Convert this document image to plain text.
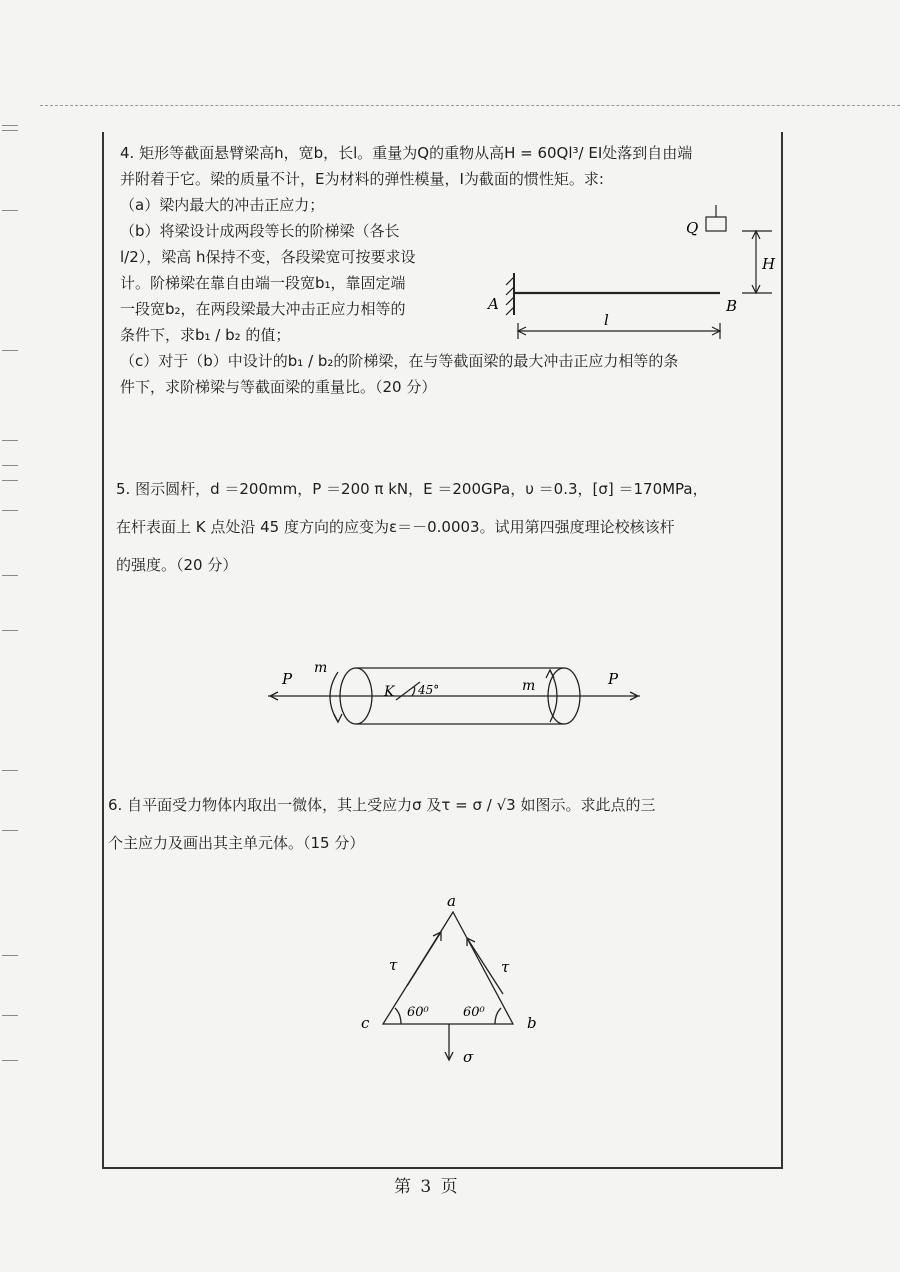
4. 矩形等截面悬臂梁高h，宽b，长l。重量为Q的重物从高H = 60Ql³/ EI处落到自由端

并附着于它。梁的质量不计，E为材料的弹性模量，I为截面的惯性矩。求:

（a）梁内最大的冲击正应力；

（b）将梁设计成两段等长的阶梯梁（各长

l/2），梁高 h保持不变，各段梁宽可按要求设

计。阶梯梁在靠自由端一段宽b₁，靠固定端

一段宽b₂，在两段梁最大冲击正应力相等的

条件下，求b₁ / b₂ 的值；

（c）对于（b）中设计的b₁ / b₂的阶梯梁，在与等截面梁的最大冲击正应力相等的条

件下，求阶梯梁与等截面梁的重量比。（20 分）

Q
H
A	B
l

5. 图示圆杆，d ＝200mm，P ＝200 π kN，E ＝200GPa，υ ＝0.3，[σ] ＝170MPa，

在杆表面上 K 点处沿 45 度方向的应变为ε＝－0.0003。试用第四强度理论校核该杆

的强度。（20 分）

P	P
m
m
K 45°

6. 自平面受力物体内取出一微体，其上受应力σ 及τ = σ / √3 如图示。求此点的三

个主应力及画出其主单元体。（15 分）

a
b
c
τ	τ
60⁰	60⁰
σ
第 3 页
